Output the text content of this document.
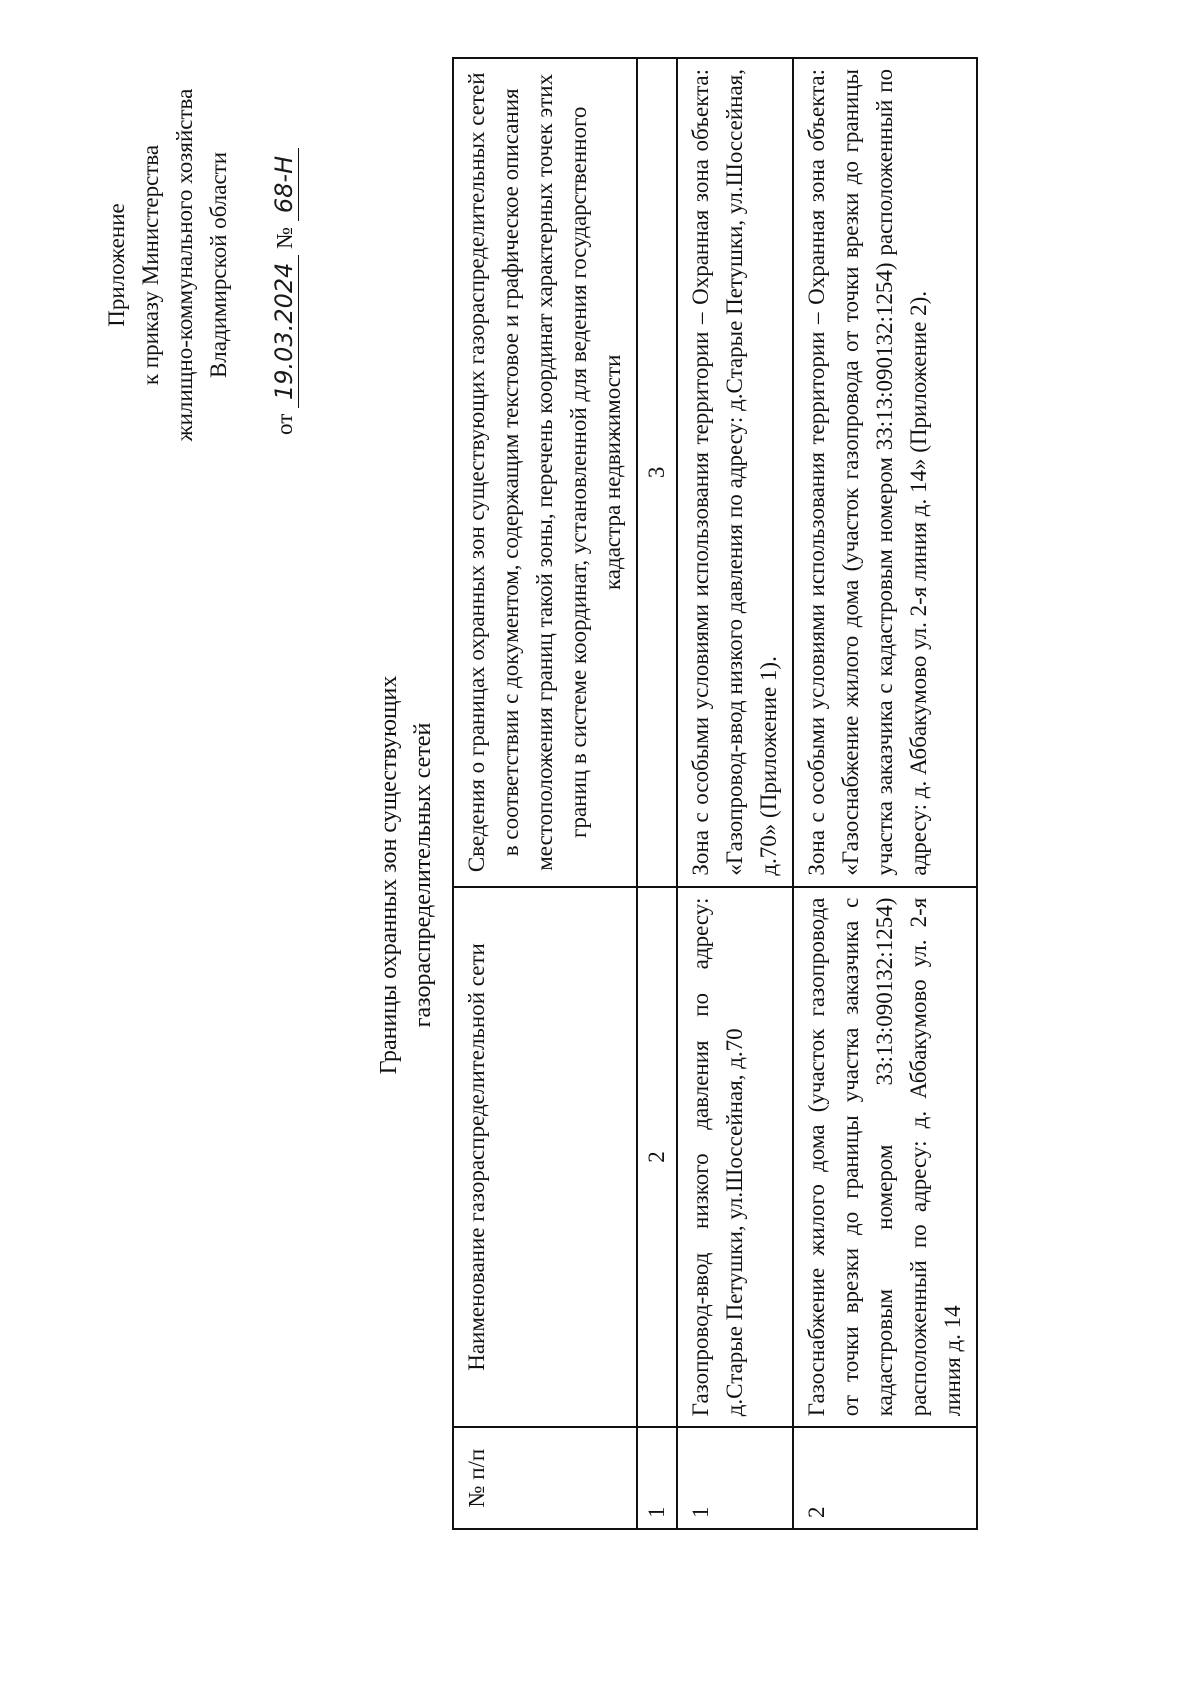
Приложение к приказу Министерства жилищно-коммунального хозяйства Владимирской области
от 19.03.2024 № 68-Н
Границы охранных зон существующих газораспределительных сетей
№ п/п	Наименование газораспределительной сети	Сведения о границах охранных зон существующих газораспределительных сетей в соответствии с документом, содержащим текстовое и графическое описания местоположения границ такой зоны, перечень координат характерных точек этих границ в системе координат, установленной для ведения государственного кадастра недвижимости
1	2	3
1	Газопровод-ввод низкого давления по адресу: д.Старые Петушки, ул.Шоссейная, д.70	Зона с особыми условиями использования территории – Охранная зона объекта: «Газопровод-ввод низкого давления по адресу: д.Старые Петушки, ул.Шоссейная, д.70» (Приложение 1).
2	Газоснабжение жилого дома (участок газопровода от точки врезки до границы участка заказчика с кадастровым номером 33:13:090132:1254) расположенный по адресу: д. Аббакумово ул. 2-я линия д. 14	Зона с особыми условиями использования территории – Охранная зона объекта: «Газоснабжение жилого дома (участок газопровода от точки врезки до границы участка заказчика с кадастровым номером 33:13:090132:1254) расположенный по адресу: д. Аббакумово ул. 2-я линия д. 14» (Приложение 2).
